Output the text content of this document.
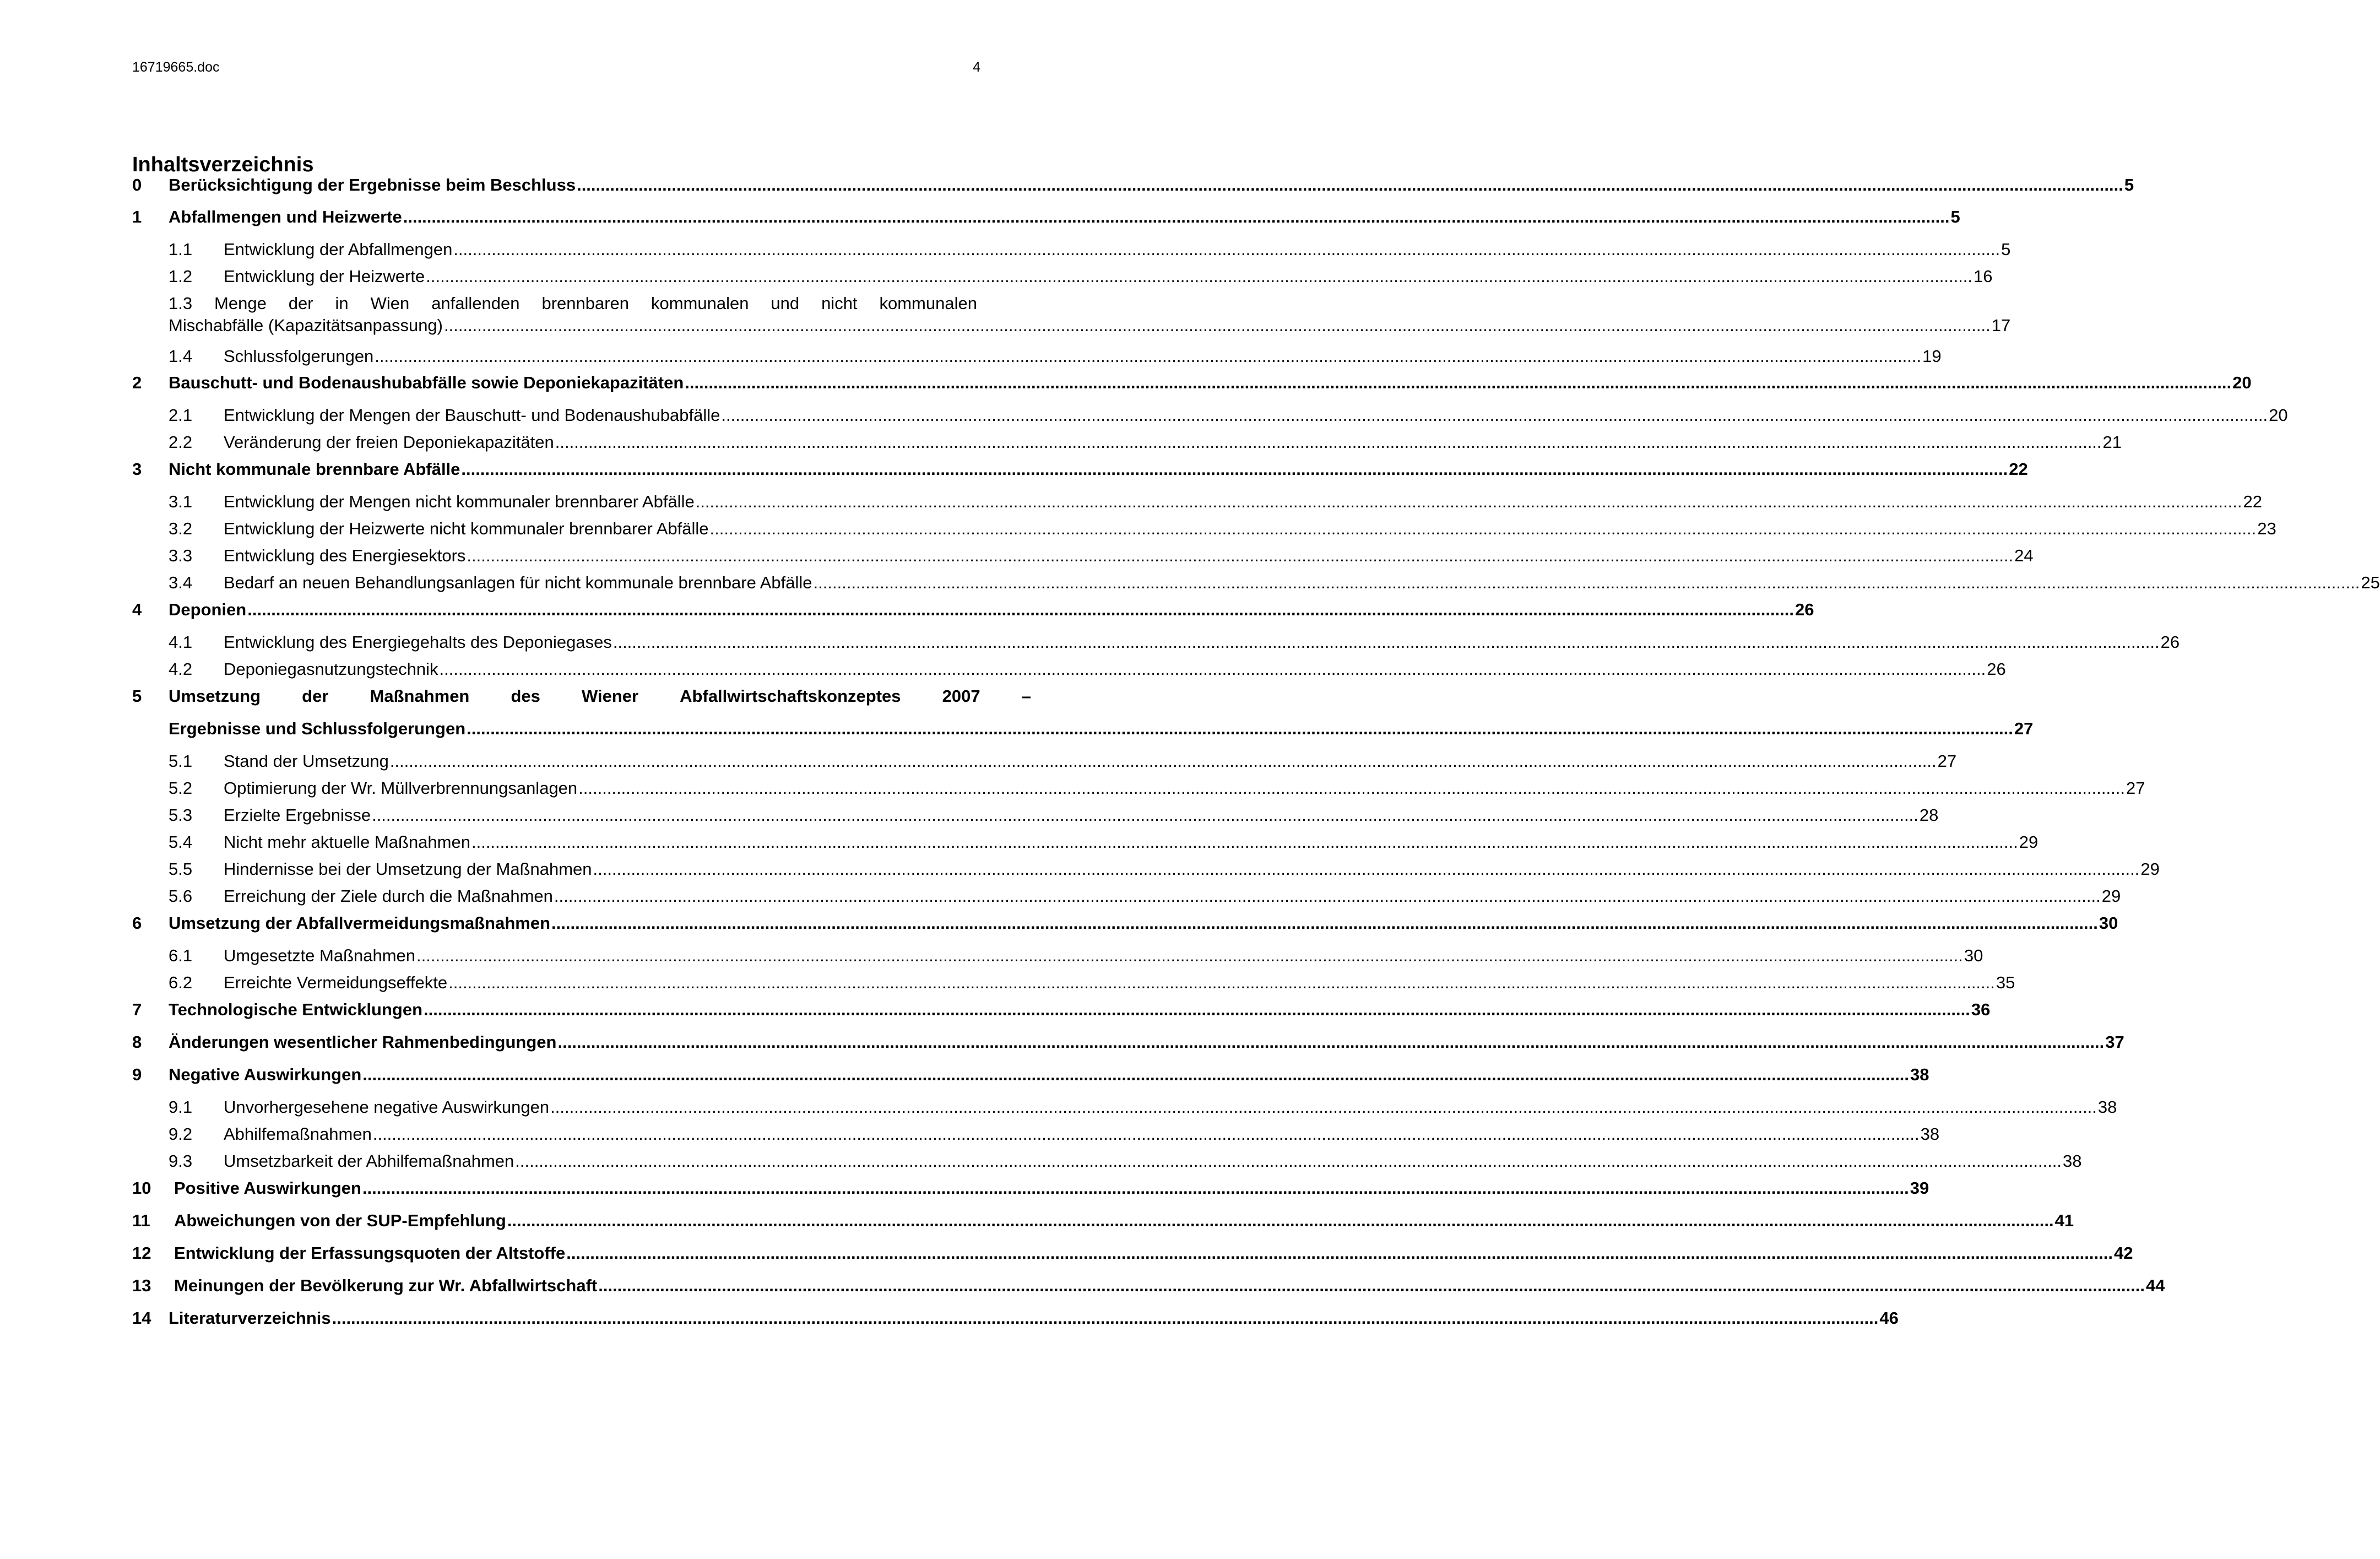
16719665.doc	4
Inhaltsverzeichnis
0	Berücksichtigung der Ergebnisse beim Beschluss .....	5
1	Abfallmengen und Heizwerte .....	5
1.1	Entwicklung der Abfallmengen .....	5
1.2	Entwicklung der Heizwerte .....	16
1.3 Menge der in Wien anfallenden brennbaren kommunalen und nicht kommunalen
Mischabfälle (Kapazitätsanpassung) .....	17
1.4	Schlussfolgerungen .....	19
2	Bauschutt- und Bodenaushubabfälle sowie Deponiekapazitäten .....	20
2.1	Entwicklung der Mengen der Bauschutt- und Bodenaushubabfälle .....	20
2.2	Veränderung der freien Deponiekapazitäten .....	21
3	Nicht kommunale brennbare Abfälle .....	22
3.1	Entwicklung der Mengen nicht kommunaler brennbarer Abfälle .....	22
3.2	Entwicklung der Heizwerte nicht kommunaler brennbarer Abfälle .....	23
3.3	Entwicklung des Energiesektors .....	24
3.4	Bedarf an neuen Behandlungsanlagen für nicht kommunale brennbare Abfälle .....	25
4	Deponien .....	26
4.1	Entwicklung des Energiegehalts des Deponiegases .....	26
4.2	Deponiegasnutzungstechnik .....	26
5 Umsetzung der Maßnahmen des Wiener Abfallwirtschaftskonzeptes 2007 –
Ergebnisse und Schlussfolgerungen .....	27
5.1	Stand der Umsetzung .....	27
5.2	Optimierung der Wr. Müllverbrennungsanlagen .....	27
5.3	Erzielte Ergebnisse .....	28
5.4	Nicht mehr aktuelle Maßnahmen .....	29
5.5	Hindernisse bei der Umsetzung der Maßnahmen .....	29
5.6	Erreichung der Ziele durch die Maßnahmen .....	29
6	Umsetzung der Abfallvermeidungsmaßnahmen .....	30
6.1	Umgesetzte Maßnahmen .....	30
6.2	Erreichte Vermeidungseffekte .....	35
7	Technologische Entwicklungen .....	36
8	Änderungen wesentlicher Rahmenbedingungen .....	37
9	Negative Auswirkungen .....	38
9.1	Unvorhergesehene negative Auswirkungen .....	38
9.2	Abhilfemaßnahmen .....	38
9.3	Umsetzbarkeit der Abhilfemaßnahmen .....	38
10	Positive Auswirkungen .....	39
11	Abweichungen von der SUP-Empfehlung .....	41
12	Entwicklung der Erfassungsquoten der Altstoffe .....	42
13	Meinungen der Bevölkerung zur Wr. Abfallwirtschaft .....	44
14	Literaturverzeichnis .....	46
